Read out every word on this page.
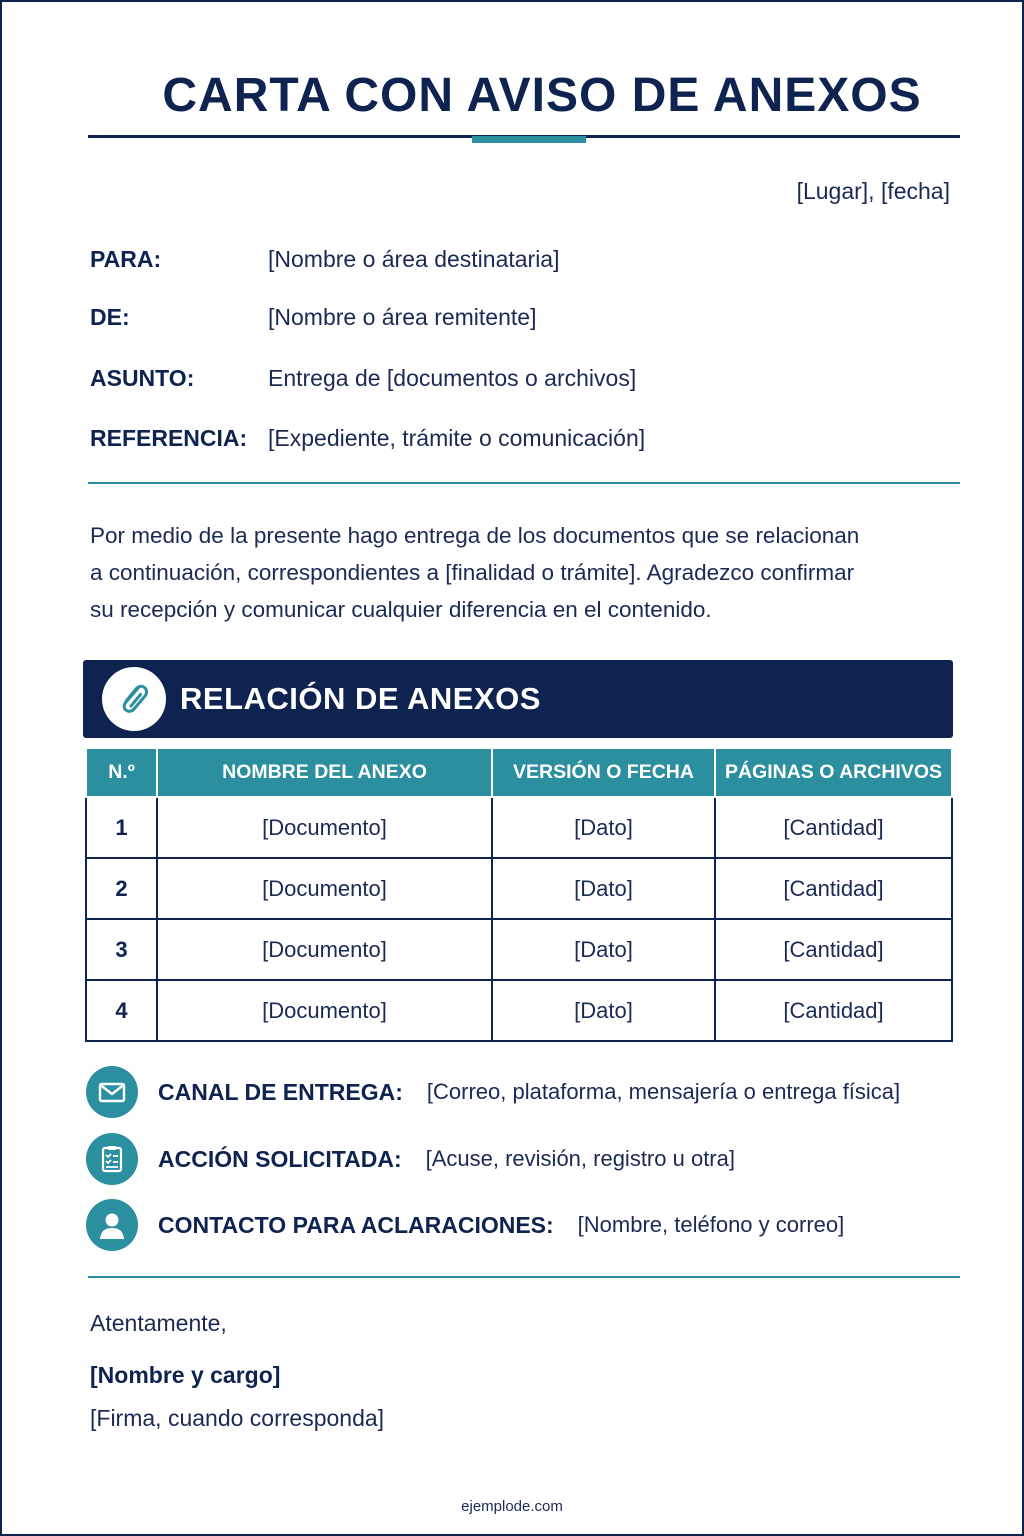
CARTA CON AVISO DE ANEXOS
[Lugar], [fecha]
PARA:	[Nombre o área destinataria]
DE:	[Nombre o área remitente]
ASUNTO:	Entrega de [documentos o archivos]
REFERENCIA: [Expediente, trámite o comunicación]
Por medio de la presente hago entrega de los documentos que se relacionan
a continuación, correspondientes a [finalidad o trámite]. Agradezco confirmar
su recepción y comunicar cualquier diferencia en el contenido.
RELACIÓN DE ANEXOS
N.º	NOMBRE DEL ANEXO	VERSIÓN O FECHA	PÁGINAS O ARCHIVOS
1	[Documento]	[Dato]	[Cantidad]
2	[Documento]	[Dato]	[Cantidad]
3	[Documento]	[Dato]	[Cantidad]
4	[Documento]	[Dato]	[Cantidad]
CANAL DE ENTREGA: [Correo, plataforma, mensajería o entrega física]
ACCIÓN SOLICITADA: [Acuse, revisión, registro u otra]
CONTACTO PARA ACLARACIONES: [Nombre, teléfono y correo]
Atentamente,
[Nombre y cargo]
[Firma, cuando corresponda]
ejemplode.com
